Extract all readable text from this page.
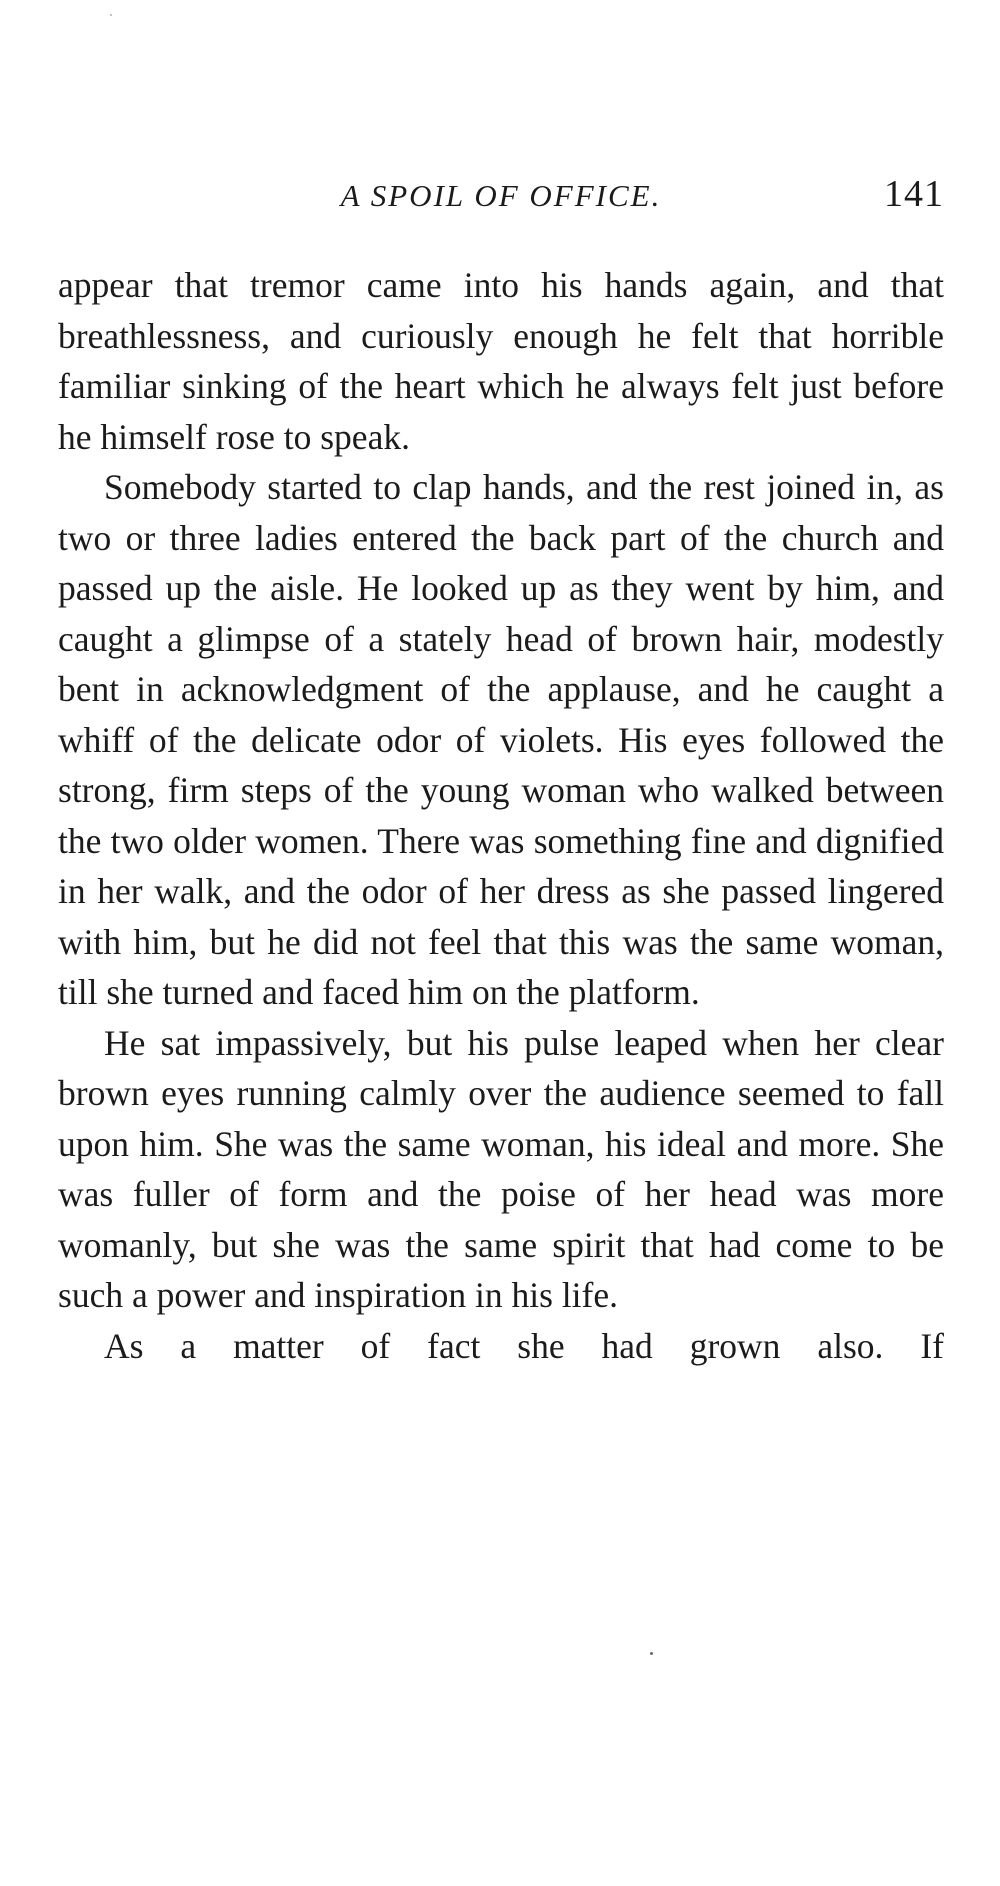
A SPOIL OF OFFICE.	141

appear that tremor came into his hands again, and that breathlessness, and curiously enough he felt that horrible familiar sinking of the heart which he always felt just before he himself rose to speak.

Somebody started to clap hands, and the rest joined in, as two or three ladies entered the back part of the church and passed up the aisle. He looked up as they went by him, and caught a glimpse of a stately head of brown hair, modestly bent in acknowledgment of the applause, and he caught a whiff of the delicate odor of violets. His eyes followed the strong, firm steps of the young woman who walked between the two older women. There was something fine and dignified in her walk, and the odor of her dress as she passed lingered with him, but he did not feel that this was the same woman, till she turned and faced him on the platform.

He sat impassively, but his pulse leaped when her clear brown eyes running calmly over the audience seemed to fall upon him. She was the same woman, his ideal and more. She was fuller of form and the poise of her head was more womanly, but she was the same spirit that had come to be such a power and inspiration in his life.

As a matter of fact she had grown also. If
